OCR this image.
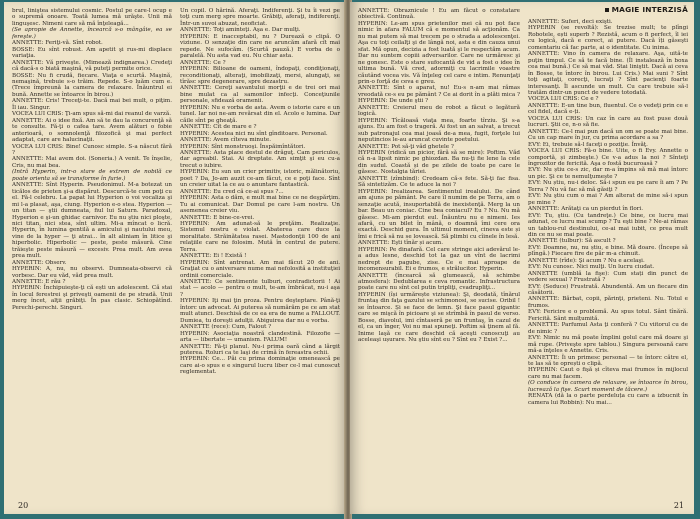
brul, liniştea sistemului cosmic. Postul pe care-l ocup e o supremă onoare. Toată lumea mă urăşte. Unii mă linguşesc. Nimeni care să mă înţeleagă...

(Se apropie de Annette, încearcă s-o mângâie, ea se fereşte.)

ANNETTE: Feriţi-vă. Sînt robot.

BOSSE: Eu sînt robust. Am apetit şi rus-mi displace variaţia.

ANNETTE: Vă priveşte. (Mimează indignarea.) Credeţi că dacă-s o biată maşină, vă puteţi permite orice.

BOSSE: Nu fi crudă, fiecare. Viaţa e scurtă. Maşină, nemaşină, trebuie s-o trăim. Repede. S-o luăm cum e. (Trece împreună la camera de relaxare. Înăuntrul ei bună. Annette se întoarce în birou.)

ANNETTE: Cris! Treceţi-te. Dacă mai bei mult, o piţim. Îl iau. Singur.

VOCEA LUI CRIS: Ţi-am spus să-mi dai reanul de varză.

ANNETTE: Ai o idee fixă. Am să te dau la concurenţă să te consulte. Fă-ţi o cafea tare. Avem alături o fobie anterioară, o somnolenţă filozofică şi mai perfect adaptat, care are halucinaţii.

VOCEA LUI CRIS: Bine! Cunosc simple. S-a născut fără ?

ANNETTE: Mai avem doi. (Soneria.) A venit. Te înşelie, Cris, nu mai bea.

(Intră Hyperin, intr-o stare de extrem de nobilă ce poate orienta să se transforme în furie.)

ANNETTE: Sînt Hyperin. Pseudonimul. M-a botezat un ticălos de prieten şi-a dispărut. Descurcă-te cum poţi cu el. Fă-l celebru. La papat lui Hyperion o voi vocaliza şi mi l-a plasat, aşa, ciung. Hyperion e-o stea. Hyperion — un titan — ştii dumneata, fiul lui Saturn. Paradoxal, Hyperion e şi-un ghidac carnivor. Eu nu ştiu nici ploşte, nici titan, nici stea, sînt ultim. Mi-a mîncat o licră. Hyperin, în lumina gentilă a amicului şi nautului meu, vine de la hyper — ţi atrai... în alt aliniam în litice şi hiperbolic. Hiperbolic — peste, peste măsură. Cine trăieşte peste măsură — excesiv. Prea mult. Am avea prea mult.

ANNETTE: Observ.

HYPERIN: A, nu, nu observi. Dumneata-observi că vorbesc. Dar eu văd, văd prea mult.

ANNETTE: E rău ?

HYPERIN: Închipuieşte-ţi că ești un adolescent. Că stai în locul ferestrei şi priveşti oamenii de pe stradă. Unii merg încet, alţii grăbiţi. În pas clasic. Schiopătînd. Perechi-perechi. Singuri.

Un copil. O hărină. Aferaţi. Indiferenţi. Şi tu îi vezi pe toţi cum merg spre moarte. Grăbiţi, aferaţi, indiferenţi. Într-un suvoi abuzat, neoficiat.

ANNETTE: Toţi aminteţi. Aşa e. Dar mulţi.

HYPERIN: E inacceptabil, nu ? Durează o clipă. O viziune. O senzaţie din care ne aruncăm afară cît mai repede. Ne sufocăm. (Scurtă pauză.) E vorba de o paralelă. Nu asta vad eu. Nu chiar asta.

ANNETTE: Ce ?

HYPERIN: Bilioane de oameni, îndopaţi, condiţionaţi, reconditionaţi, alteraţi, imobilizaţi, mersi, alungaţi, se tîrăsc spre degenerare, spre dezastru.

ANNETTE: Cereţi savantului morţii e de trei ori mai bine mulat ca al samonilor infecţi. Conceţiunile personale, sfidează oramenii.

HYPERIN: Nu e vorba de asta. Avem o istorie care e un tunel. Iar noi ne-am revărsat din el. Acolo e lumina. Dar căile sînt pe gheaţă.

ANNETTE: Cît de mare e ?

HYPERIN: Acestea nici nu sînt gînditoare. Personal.

ANNETTE: Avem cîteva minute.

HYPERIN: Sînt monstruoşi. Înspăimîntători.

ANNETTE: Asta place destul de drăguţ. Cam periculos, dar agreabil. Stai. Ai dreptate. Am simţit şi eu cu-a trecut o iubire.

HYPERIN: Eu sun un crier primitiv, istoric, mălinătoriu, poet ? Da, Jo-am auzit ce-am făcut, ce e poţi face. Sînt un creier uitat la ce au o anuntare fantastică.

ANNETTE: Eu cred că ce-ai spus ?...

HYPERIN: Asta o dăm, e mult mai bine ce ne deşpărţim. Tu ai comunicat. Dar Domul pe care l-am nostru. Un asemenea creier viu.

ANNETTE: E bine-ce-vrei.

HYPERIN: Am adunat-să le preţăim. Realizaţie. Sistemul nostru e violat. Abaterea care duce la moralitate. Străinătatea rasei. Mastodonţii 100 de ani relaţiile care ne folosim. Mută în centrul de putere. Terra.

ANNETTE: Ei ! Există !

HYPERIN: Sînt antrenat. Am mai făcut 20 de ani. Graţiat cu o aniversare nume mai nefolosită a instituţiei ordinii comerciale.

ANNETTE: Ce sentimente tulburi, contradictorii ! Ai stat — acolo — pentru o mult, te-am îmbrăcat, nu-i aşa ?

HYPERIN: Iţi mai ţin proza. Pentru deşteptare. Până-ţi întorc un advocat. Ai puterea să numărăm pe ce am stat mult atunci. Deschisă de ce ea era de nume a FALLOUT. Dumiea, tu doreşti adulţii. Abiguirea dar nu e vorba.

ANNETTE (rece): Cum, Falout ?

HYPERIN: Asociaţia noastră clandestină. Filozofie — arta — libertate — umanism. FALUM!

ANNETTE: Fă-ţi planul. Nu-i prima oară când a lărgit puterea. Roluri ca te laşi de crimă în fereastra ochii.

HYPERIN: Ce... Păi cu prima dominaţie omenească pe care ai-o spus e e singurul lucru liber ce-l mai cunoscut reglementat.

20
MAGIE INTERZISĂ

ANNETTE: Obraznicule ! Eu am făcut o constatare obiectivă. Continuă.

HYPERIN: Le-am spus prietenilor mei că nu pot face nimic în afara FALUM că e momentul să acţionăm. Ca nu mai putem să mai trecem pe o strada a adolescenţei. Aşa cu toţi ceilalţi şi de lângă noi, asta e din cauza unui sfat. Mă opun, decizia a fost luată şi le respectăm acum. Dar nu suntem copiii adversarilor. Care ne urmăresc şi ne gonesc. Este o stare sufocantă de vid a fost o idee în ultima bună. Vă cred, adormiţi cu lacrimile voastre căutând vocea vis. Vă înţeleg cel care e intim. Renunţaţi prin-o forţă de ceva e greu.

ANNETTE: Sînt o aparat, nu! Eu-s n-am mai rămas vreodată ce-s eu pe pământ ? Ce ai dorit în a plăti mica ?

HYPERIN: De unde ştii ?

ANNETTE: Creierul meu de robot a făcut o legătură logică.

HYPERIN: Tîcăloasă viaţa mea, foarte tîrziu. Şi s-a ajuns. Eu am fost o trageră. Ai fost un an salvat, a trecut sub patronajul cea mai joasă de-a mea, fugit, forţele lui neputincios le-au aruncat cuvinte poetului.

ANNETTE: Pot să-ţi văd ghetele ?

HYPERIN (ridică un picior, fără să se mire): Poftim. Văd că n-a lipsit nimic pe ghiozdan. Ba nu-ţi fie lene la cele din sudul. Coastă și de pe zilele de toate pe care le găsesc. Nostalgia tăriei.

ANNETTE (zîmbind): Credeam că-s fete. Să-ţi fac fisa. Să sintetizăm. Ce te aduce la noi ?

HYPERIN: Irealizarea. Sentimentul irealului. De când am ajuns pe pământ. Pe care îl numim de pe Terra, am o senzaţie acută, insuportabilă de inexistenţă. Merg la un bar. Beau un coniac. Cine bea coniacul? Eu ? Nu. Nu mă găsesc. Mi-am pierdut eul. Înăuntru nu e nimeni. Ies afară, cu un bilet în mână, o doamnă îmi cere ora exactă. Deschid gura. În ultimul moment, cineva este și îmi e frică să nu se lovească. Să plimbi cu cîinele în lesă.

ANNETTE: Eşti tînăr și acum.

HYPERIN: Pe dinafară. Cel care stringe aici adevărul le-a adus lesne, deschid tot la gaz un vînt de lacrimi nedrept de pagube, zise. Ce e mai aproape de incomensurabil. Ei e frumos, e strălucitor. Hyperin.

ANNETTE (încearcă să glumească, să schimbe atmosfera): Dedublarea e ceva romantic. Infrastructura poate care nu sînt cel putin tripliţi, cvadrupliţi...

HYPERIN (își urmărește viziunea): Şi, deodată, tînărul fruntaş din faţa gazului se schimonosi, se sucise. Oribil ! se întoarce. Și se face de lemn. Şi face pasul gigantic care se mişcă în picioare şi se strîmbă în pasul de verso. Bosse, diavolul, imi cîntaseră pe un fruntaş, în cazul de el, ca un înger, Voi nu mai spuneţi. Poftim să ţinem al fă. Inime laşă ce care deschid că aceşti cunoscuţi au aceleaşi ușurare. Nu ştiu sînt eu ? Sînt eu ? Exist ?...

ANNETTE: Suferi, deci exişti.

HYPERIN (se revoltă): Se trezise mult; te plîngi Robotele, ești superb ? Rezistă, acum o fi perfect, îl iei cu logică, dacă e corect, ai putere. Dacă îți găseşti comentariu că fac parte, ai o identitate. Cu inima.

ANNETTE: Vino în camera de relaxare. Aşa, uită-te puţin timpul. Ce să te facă bine. (Îl instalează în boxa cea mai bună.) Ce să mai văd. Stai liniştit. Dacă ai ceva în Bosse, te întorc în birou. Lui Cris.) Mai suni ? Sînt toţi agitaţi, corecţi, lucraţi ? Sînt pacienţi foarte interesanţi. Îl ascunde un mult. Cu care trebuie să-l tratăm dintr-un punct de vedere totodată.

VOCEA LUI CRIS: Ce e ?

ANNETTE: E-un tine bun, fluentul. Ce o vedeți prin ce e cel fidel, dacă e-ți.

VOCEA LUI CRIS: Un caz în care au fost puse două lucruri. Ştii ce, n-o să fie.

ANNETTE: Ce-l mai pun dacă un om se poate mai bine. Cu un cap mare în jur, cu prima acordare a sa ?

EVY: Ei, trebuie să-l faceţi o poziţie. Învăţ.

VOCEA LUI CRIS: Fă-o bine. Uite, o fi Evy. Annette o comportă, și zimbeşte.) Ce v-a adus la noi ? Sînteţi îngrozitor de fericită. Aşa o fostă bucuroasă ?

EVY: Nu știu ce-s zic, dar m-a împins să mă mai întorc un pic. Şi ce te nemulţumește ?

EVY: Nu știu, nu-i deloc. Să-i spun eu pe care îi am ? Pe Terra ? Nu vă fac să mă găsiţi ?

EVY: Nu ştiu cum o mai ? Am alterat de mine să-i spun pe mine ?

ANNETTE: Arătaţi ca un pierdut în flori.

EVY: Tu, ştiu. (Cu tandreţe.) Ce bine, ce lucru mai adunat, ce lucru mai scump ? Tu eşti bine ? Ne-ai rămas un tablou-rul destinului, ce-ai mai iubit, ce prea mult din ce nu se mai poate.

ANNETTE (tulbur): Să ascult ?

EVY: Doamne, nu, nu știu, e bine. Mă doare. (Începe să plîngă.) Fiecare fire de păr m-a chinuit.

ANNETTE (rîde): Şi acum ? Nu e acelaşi.

EVY: Nu cunosc. Nici mulţi. Un lucru ciudat.

ANNETTE (umblă la fişe): Cum stați din punct de vedere sexual ? Frustrată ?

EVY: (Seduce) Frustrată. Abundentă. Am un fiecare din căsătorii.

ANNETTE: Bărbat, copii, părinţi, prieteni. Nu. Totul e frumos.

EVY: Fericire e o problemă. Au spus totul. Sânt tînără. Fericită. Sânt mulțumită.

ANNETTE: Parfumul Asta ţi conferă ? Cu viitorul cu de de nimic ?

EVY: Nimic nu mă poate împlini golul care mă doare şi mă rupe. (Priveşte spre tablou.) Singura persoană care mă-a înţeles e Annette. Cris.

ANNETTE: Îi un primesc personal — te întorc către el, te las să te oprești o clipă.

HYPERIN: Caut o fişă și cîteva mai frumos în mijlocul care nu mai facem.

(O conduce în camera de relaxare, se întoarce în birou, lucrează la fişe. Scurt moment de tăcere.)

RENATA (dă la o parte perdeluța cu care a izbucnit în camera lui Robbin): Nu mai...

21
